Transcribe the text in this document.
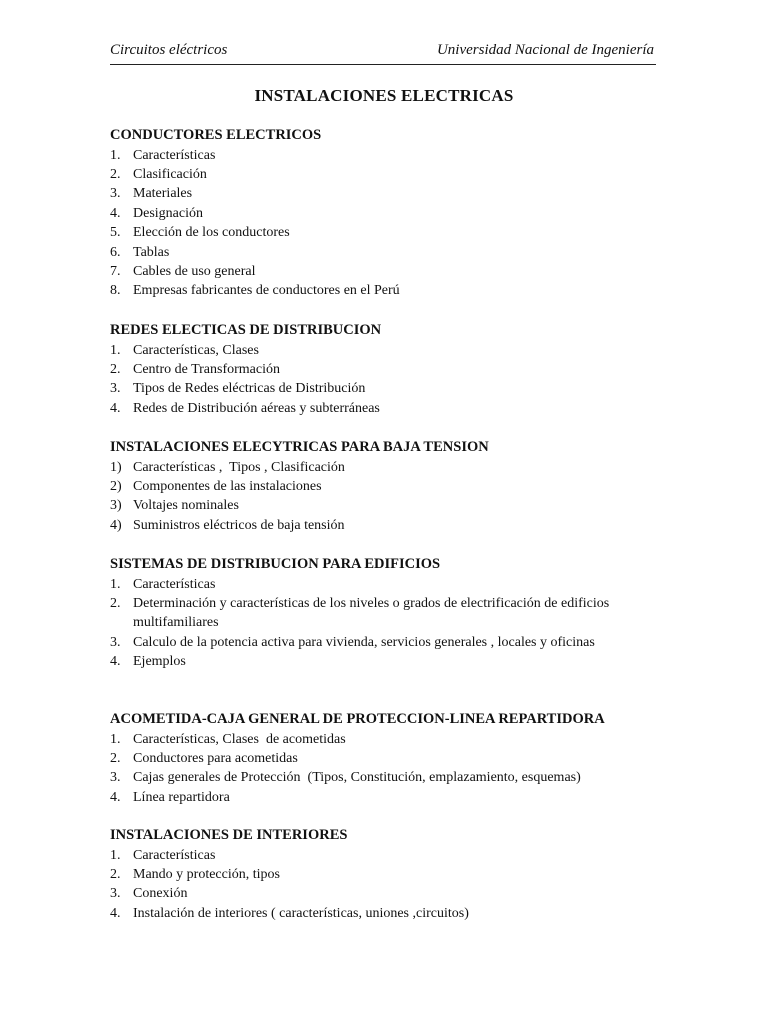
Circuitos eléctricos	Universidad Nacional de Ingeniería
INSTALACIONES ELECTRICAS
CONDUCTORES ELECTRICOS
1. Características
2. Clasificación
3. Materiales
4. Designación
5. Elección de los conductores
6. Tablas
7. Cables de uso general
8. Empresas fabricantes de conductores en el Perú
REDES ELECTICAS DE DISTRIBUCION
1. Características, Clases
2. Centro de Transformación
3. Tipos de Redes eléctricas de Distribución
4. Redes de Distribución aéreas y subterráneas
INSTALACIONES ELECYTRICAS PARA BAJA TENSION
1) Características ,  Tipos , Clasificación
2) Componentes de las instalaciones
3) Voltajes nominales
4) Suministros eléctricos de baja tensión
SISTEMAS DE DISTRIBUCION PARA EDIFICIOS
1. Características
2. Determinación y características de los niveles o grados de electrificación de edificios multifamiliares
3. Calculo de la potencia activa para vivienda, servicios generales , locales y oficinas
4. Ejemplos
ACOMETIDA-CAJA GENERAL DE PROTECCION-LINEA REPARTIDORA
1. Características, Clases  de acometidas
2. Conductores para acometidas
3. Cajas generales de Protección  (Tipos, Constitución, emplazamiento, esquemas)
4. Línea repartidora
INSTALACIONES DE INTERIORES
1. Características
2. Mando y protección, tipos
3. Conexión
4. Instalación de interiores ( características, uniones ,circuitos)
